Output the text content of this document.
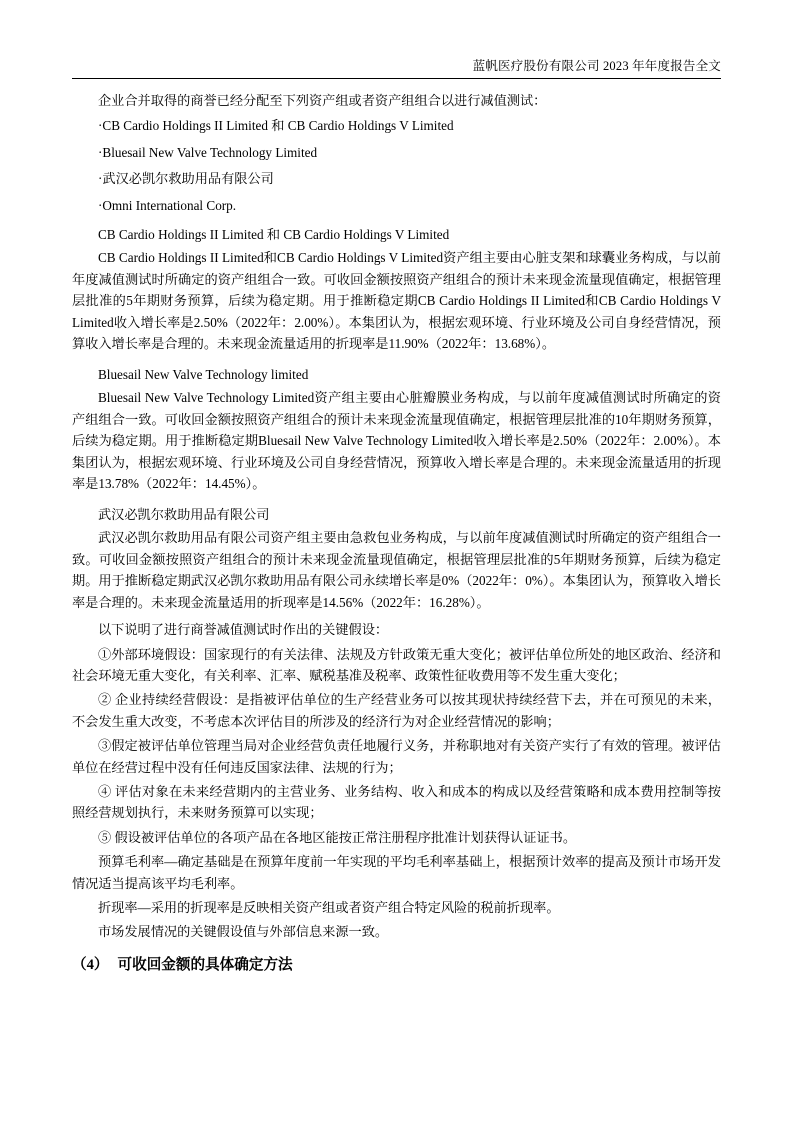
蓝帆医疗股份有限公司 2023 年年度报告全文

企业合并取得的商誉已经分配至下列资产组或者资产组组合以进行减值测试：

·CB Cardio Holdings II Limited 和 CB Cardio Holdings V Limited

·Bluesail New Valve Technology Limited

·武汉必凯尔救助用品有限公司

·Omni International Corp.

CB Cardio Holdings II Limited 和 CB Cardio Holdings V Limited

CB Cardio Holdings II Limited和CB Cardio Holdings V Limited资产组主要由心脏支架和球囊业务构成，与以前年度减值测试时所确定的资产组组合一致。可收回金额按照资产组组合的预计未来现金流量现值确定，根据管理层批准的5年期财务预算，后续为稳定期。用于推断稳定期CB Cardio Holdings II Limited和CB Cardio Holdings V Limited收入增长率是2.50%（2022年：2.00%）。本集团认为，根据宏观环境、行业环境及公司自身经营情况，预算收入增长率是合理的。未来现金流量适用的折现率是11.90%（2022年：13.68%）。

Bluesail New Valve Technology limited

Bluesail New Valve Technology Limited资产组主要由心脏瓣膜业务构成，与以前年度减值测试时所确定的资产组组合一致。可收回金额按照资产组组合的预计未来现金流量现值确定，根据管理层批准的10年期财务预算，后续为稳定期。用于推断稳定期Bluesail New Valve Technology Limited收入增长率是2.50%（2022年：2.00%）。本集团认为，根据宏观环境、行业环境及公司自身经营情况，预算收入增长率是合理的。未来现金流量适用的折现率是13.78%（2022年：14.45%）。

武汉必凯尔救助用品有限公司

武汉必凯尔救助用品有限公司资产组主要由急救包业务构成，与以前年度减值测试时所确定的资产组组合一致。可收回金额按照资产组组合的预计未来现金流量现值确定，根据管理层批准的5年期财务预算，后续为稳定期。用于推断稳定期武汉必凯尔救助用品有限公司永续增长率是0%（2022年：0%）。本集团认为，预算收入增长率是合理的。未来现金流量适用的折现率是14.56%（2022年：16.28%）。

以下说明了进行商誉减值测试时作出的关键假设：

①外部环境假设：国家现行的有关法律、法规及方针政策无重大变化；被评估单位所处的地区政治、经济和社会环境无重大变化，有关利率、汇率、赋税基准及税率、政策性征收费用等不发生重大变化；

② 企业持续经营假设：是指被评估单位的生产经营业务可以按其现状持续经营下去，并在可预见的未来，不会发生重大改变，不考虑本次评估目的所涉及的经济行为对企业经营情况的影响；

③假定被评估单位管理当局对企业经营负责任地履行义务，并称职地对有关资产实行了有效的管理。被评估单位在经营过程中没有任何违反国家法律、法规的行为；

④ 评估对象在未来经营期内的主营业务、业务结构、收入和成本的构成以及经营策略和成本费用控制等按照经营规划执行，未来财务预算可以实现；

⑤ 假设被评估单位的各项产品在各地区能按正常注册程序批准计划获得认证证书。

预算毛利率—确定基础是在预算年度前一年实现的平均毛利率基础上，根据预计效率的提高及预计市场开发情况适当提高该平均毛利率。

折现率—采用的折现率是反映相关资产组或者资产组合特定风险的税前折现率。

市场发展情况的关键假设值与外部信息来源一致。

（4） 可收回金额的具体确定方法
